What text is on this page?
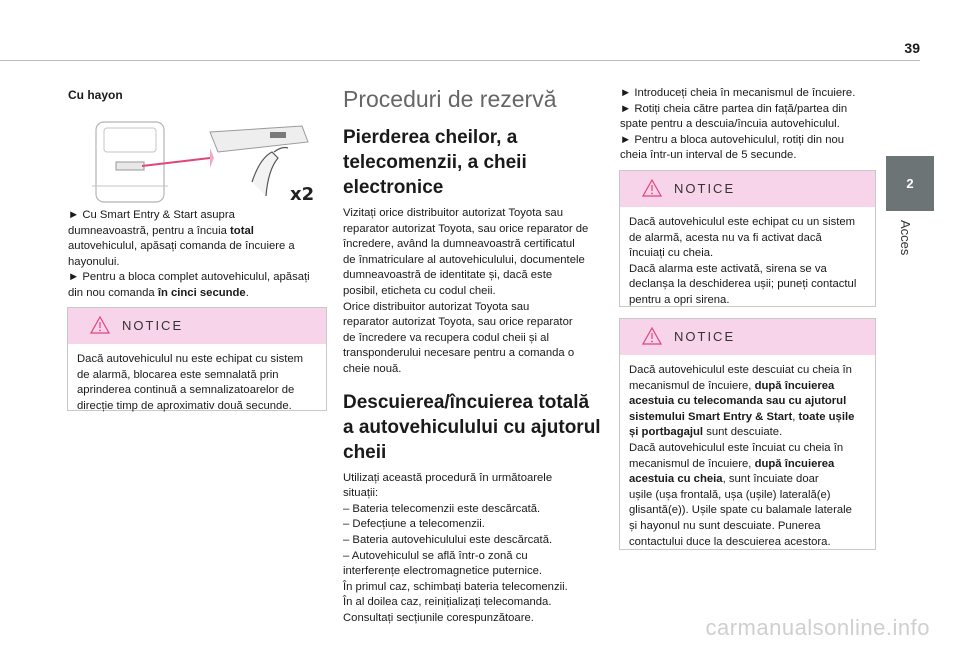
39
2
Acces
Cu hayon
x2

► Cu Smart Entry & Start asupra

dumneavoastră, pentru a încuia total

autovehiculul, apăsați comanda de încuiere a

hayonului.

► Pentru a bloca complet autovehiculul, apăsați

din nou comanda în cinci secunde.

NOTICE

Dacă autovehiculul nu este echipat cu sistem

de alarmă, blocarea este semnalată prin

aprinderea continuă a semnalizatoarelor de

direcție timp de aproximativ două secunde.

Proceduri de rezervă

Pierderea cheilor, a

telecomenzii, a cheii

electronice

Vizitați orice distribuitor autorizat Toyota sau

reparator autorizat Toyota, sau orice reparator de

încredere, având la dumneavoastră certificatul

de înmatriculare al autovehiculului, documentele

dumneavoastră de identitate și, dacă este

posibil, eticheta cu codul cheii.

Orice distribuitor autorizat Toyota sau

reparator autorizat Toyota, sau orice reparator

de încredere va recupera codul cheii și al

transponderului necesare pentru a comanda o

cheie nouă.

Descuierea/încuierea totală

a autovehiculului cu ajutorul

cheii

Utilizați această procedură în următoarele

situații:

– Bateria telecomenzii este descărcată.

– Defecțiune a telecomenzii.

– Bateria autovehiculului este descărcată.

– Autovehiculul se află într-o zonă cu

interferențe electromagnetice puternice.

În primul caz, schimbați bateria telecomenzii.

În al doilea caz, reinițializați telecomanda.

Consultați secțiunile corespunzătoare.

► Introduceți cheia în mecanismul de încuiere.

► Rotiți cheia către partea din față/partea din

spate pentru a descuia/încuia autovehiculul.

► Pentru a bloca autovehiculul, rotiți din nou

cheia într-un interval de 5 secunde.

NOTICE

Dacă autovehiculul este echipat cu un sistem

de alarmă, acesta nu va fi activat dacă

încuiați cu cheia.

Dacă alarma este activată, sirena se va

declanșa la deschiderea ușii; puneți contactul

pentru a opri sirena.

NOTICE

Dacă autovehiculul este descuiat cu cheia în

mecanismul de încuiere, după încuierea

acestuia cu telecomanda sau cu ajutorul

sistemului Smart Entry & Start, toate ușile

și portbagajul sunt descuiate.

Dacă autovehiculul este încuiat cu cheia în

mecanismul de încuiere, după încuierea

acestuia cu cheia, sunt încuiate doar

ușile (ușa frontală, ușa (ușile) laterală(e)

glisantă(e)). Ușile spate cu balamale laterale

și hayonul nu sunt descuiate. Punerea

contactului duce la descuierea acestora.

carmanualsonline.info
